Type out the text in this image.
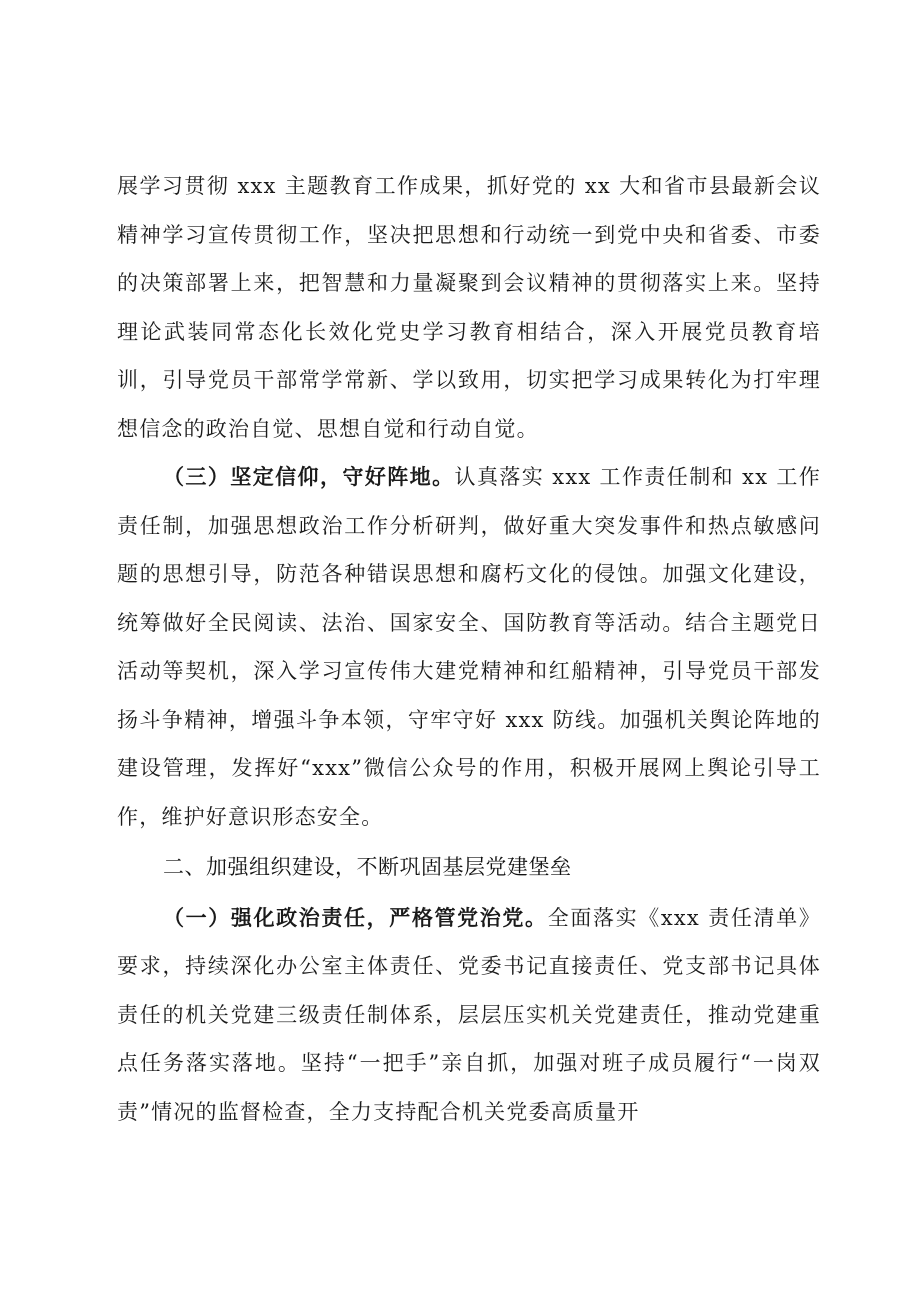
展学习贯彻 xxx 主题教育工作成果，抓好党的 xx 大和省市县最新会议精神学习宣传贯彻工作，坚决把思想和行动统一到党中央和省委、市委的决策部署上来，把智慧和力量凝聚到会议精神的贯彻落实上来。坚持理论武装同常态化长效化党史学习教育相结合，深入开展党员教育培训，引导党员干部常学常新、学以致用，切实把学习成果转化为打牢理想信念的政治自觉、思想自觉和行动自觉。

（三）坚定信仰，守好阵地。认真落实 xxx 工作责任制和 xx 工作责任制，加强思想政治工作分析研判，做好重大突发事件和热点敏感问题的思想引导，防范各种错误思想和腐朽文化的侵蚀。加强文化建设，统筹做好全民阅读、法治、国家安全、国防教育等活动。结合主题党日活动等契机，深入学习宣传伟大建党精神和红船精神，引导党员干部发扬斗争精神，增强斗争本领，守牢守好 xxx 防线。加强机关舆论阵地的建设管理，发挥好“xxx”微信公众号的作用，积极开展网上舆论引导工作，维护好意识形态安全。

二、加强组织建设，不断巩固基层党建堡垒

（一）强化政治责任，严格管党治党。全面落实《xxx 责任清单》要求，持续深化办公室主体责任、党委书记直接责任、党支部书记具体责任的机关党建三级责任制体系，层层压实机关党建责任，推动党建重点任务落实落地。坚持“一把手”亲自抓，加强对班子成员履行“一岗双责”情况的监督检查，全力支持配合机关党委高质量开
